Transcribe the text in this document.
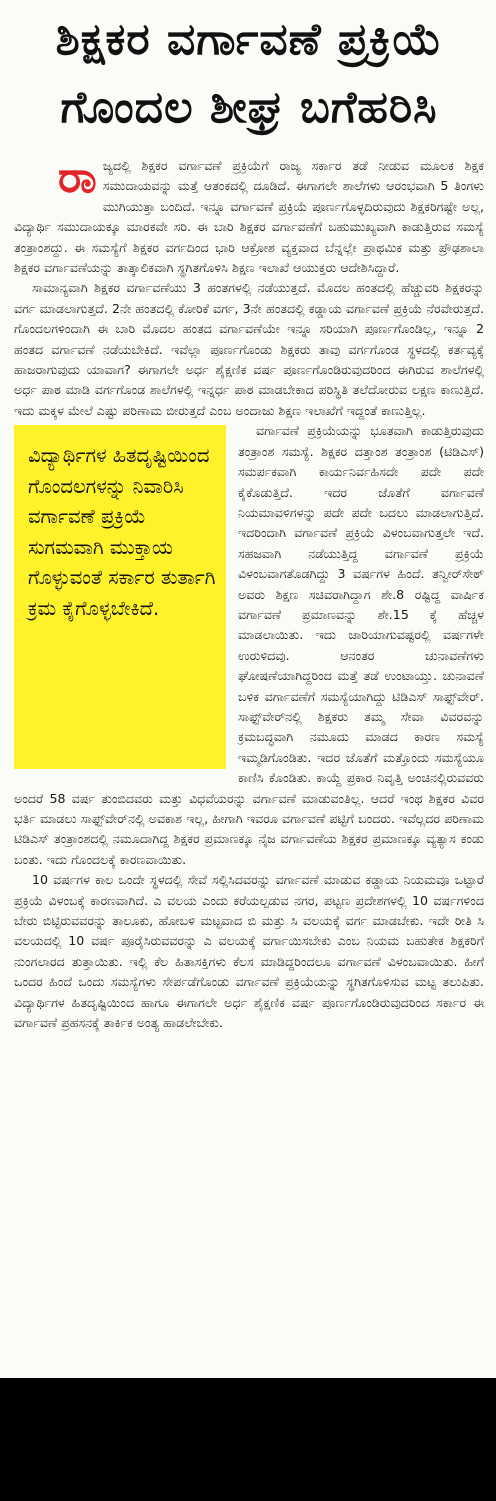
ಶಿಕ್ಷಕರ ವರ್ಗಾವಣೆ ಪ್ರಕ್ರಿಯೆ
ಗೊಂದಲ ಶೀಘ್ರ ಬಗೆಹರಿಸಿ

ರಾಜ್ಯದಲ್ಲಿ ಶಿಕ್ಷಕರ ವರ್ಗಾವಣೆ ಪ್ರಕ್ರಿಯೆಗೆ ರಾಜ್ಯ ಸರ್ಕಾರ ತಡೆ ನೀಡುವ ಮೂಲಕ ಶಿಕ್ಷಕ ಸಮುದಾಯವನ್ನು ಮತ್ತೆ ಆತಂಕದಲ್ಲಿ ದೂಡಿದೆ. ಈಗಾಗಲೇ ಶಾಲೆಗಳು ಆರಂಭವಾಗಿ 5 ತಿಂಗಳು ಮುಗಿಯುತ್ತಾ ಬಂದಿದೆ. ಇನ್ನೂ ವರ್ಗಾವಣೆ ಪ್ರಕ್ರಿಯೆ ಪೂರ್ಣಗೊಳ್ಳದಿರುವುದು ಶಿಕ್ಷಕರಿಗಷ್ಟೇ ಅಲ್ಲ, ವಿದ್ಯಾರ್ಥಿ ಸಮುದಾಯಕ್ಕೂ ಮಾರಕವೇ ಸರಿ. ಈ ಬಾರಿ ಶಿಕ್ಷಕರ ವರ್ಗಾವಣೆಗೆ ಬಹುಮುಖ್ಯವಾಗಿ ಕಾಡುತ್ತಿರುವ ಸಮಸ್ಯೆ ತಂತ್ರಾಂಶದ್ದು. ಈ ಸಮಸ್ಯೆಗೆ ಶಿಕ್ಷಕರ ವರ್ಗದಿಂದ ಭಾರಿ ಆಕ್ರೋಶ ವ್ಯಕ್ತವಾದ ಬೆನ್ನಲ್ಲೇ ಪ್ರಾಥಮಿಕ ಮತ್ತು ಪ್ರೌಢಶಾಲಾ ಶಿಕ್ಷಕರ ವರ್ಗಾವಣೆಯನ್ನು ತಾತ್ಕಾಲಿಕವಾಗಿ ಸ್ಥಗಿತಗೊಳಿಸಿ ಶಿಕ್ಷಣ ಇಲಾಖೆ ಆಯುಕ್ತರು ಆದೇಶಿಸಿದ್ದಾರೆ.

ಸಾಮಾನ್ಯವಾಗಿ ಶಿಕ್ಷಕರ ವರ್ಗಾವಣೆಯು 3 ಹಂತಗಳಲ್ಲಿ ನಡೆಯುತ್ತದೆ. ಮೊದಲ ಹಂತದಲ್ಲಿ ಹೆಚ್ಚುವರಿ ಶಿಕ್ಷಕರನ್ನು ವರ್ಗ ಮಾಡಲಾಗುತ್ತದೆ. 2ನೇ ಹಂತದಲ್ಲಿ ಕೋರಿಕೆ ವರ್ಗ, 3ನೇ ಹಂತದಲ್ಲಿ ಕಡ್ಡಾಯ ವರ್ಗಾವಣೆ ಪ್ರಕ್ರಿಯೆ ನೆರವೇರುತ್ತದೆ. ಗೊಂದಲಗಳಿಂದಾಗಿ ಈ ಬಾರಿ ಮೊದಲ ಹಂತದ ವರ್ಗಾವಣೆಯೇ ಇನ್ನೂ ಸರಿಯಾಗಿ ಪೂರ್ಣಗೊಂಡಿಲ್ಲ, ಇನ್ನೂ 2 ಹಂತದ ವರ್ಗಾವಣೆ ನಡೆಯಬೇಕಿದೆ. ಇವೆಲ್ಲಾ ಪೂರ್ಣಗೊಂಡು ಶಿಕ್ಷಕರು ತಾವು ವರ್ಗಗೊಂಡ ಸ್ಥಳದಲ್ಲಿ ಕರ್ತವ್ಯಕ್ಕೆ ಹಾಜರಾಗುವುದು ಯಾವಾಗ? ಈಗಾಗಲೇ ಅರ್ಧ ಶೈಕ್ಷಣಿಕ ವರ್ಷ ಪೂರ್ಣಗೊಂಡಿರುವುದರಿಂದ ಈಗಿರುವ ಶಾಲೆಗಳಲ್ಲಿ ಅರ್ಧ ಪಾಠ ಮಾಡಿ ವರ್ಗಗೊಂಡ ಶಾಲೆಗಳಲ್ಲಿ ಇನ್ನರ್ಧ ಪಾಠ ಮಾಡಬೇಕಾದ ಪರಿಸ್ಥಿತಿ ತಲೆದೋರುವ ಲಕ್ಷಣ ಕಾಣುತ್ತಿದೆ. ಇದು ಮಕ್ಕಳ ಮೇಲೆ ಎಷ್ಟು ಪರಿಣಾಮ ಬೀರುತ್ತದೆ ಎಂಬ ಅಂದಾಜು ಶಿಕ್ಷಣ ಇಲಾಖೆಗೆ ಇದ್ದಂತೆ ಕಾಣುತ್ತಿಲ್ಲ.

ವಿದ್ಯಾರ್ಥಿಗಳ ಹಿತದೃಷ್ಟಿಯಿಂದ ಗೊಂದಲಗಳನ್ನು ನಿವಾರಿಸಿ ವರ್ಗಾವಣೆ ಪ್ರಕ್ರಿಯೆ ಸುಗಮವಾಗಿ ಮುಕ್ತಾಯ ಗೊಳ್ಳುವಂತೆ ಸರ್ಕಾರ ತುರ್ತಾಗಿ ಕ್ರಮ ಕೈಗೊಳ್ಳಬೇಕಿದೆ.

ವರ್ಗಾವಣೆ ಪ್ರಕ್ರಿಯೆಯನ್ನು ಭೂತವಾಗಿ ಕಾಡುತ್ತಿರುವುದು ತಂತ್ರಾಂಶ ಸಮಸ್ಯೆ. ಶಿಕ್ಷಕರ ದತ್ತಾಂಶ ತಂತ್ರಾಂಶ (ಟಿಡಿಎಸ್) ಸಮರ್ಪಕವಾಗಿ ಕಾರ್ಯನಿರ್ವಹಿಸದೇ ಪದೇ ಪದೇ ಕೈಕೊಡುತ್ತಿದೆ. ಇದರ ಜೊತೆಗೆ ವರ್ಗಾವಣೆ ನಿಯಮಾವಳಿಗಳನ್ನು ಪದೇ ಪದೇ ಬದಲು ಮಾಡಲಾಗುತ್ತಿದೆ. ಇದರಿಂದಾಗಿ ವರ್ಗಾವಣೆ ಪ್ರಕ್ರಿಯೆ ವಿಳಂಬವಾಗುತ್ತಲೇ ಇದೆ. ಸಹಜವಾಗಿ ನಡೆಯುತ್ತಿದ್ದ ವರ್ಗಾವಣೆ ಪ್ರಕ್ರಿಯೆ ವಿಳಂಬವಾಗತೊಡಗಿದ್ದು 3 ವರ್ಷಗಳ ಹಿಂದೆ. ತನ್ವೀರ್‌ಸೇಠ್ ಅವರು ಶಿಕ್ಷಣ ಸಚಿವರಾಗಿದ್ದಾಗ ಶೇ.8 ರಷ್ಟಿದ್ದ ವಾರ್ಷಿಕ ವರ್ಗಾವಣೆ ಪ್ರಮಾಣವನ್ನು ಶೇ.15 ಕ್ಕೆ ಹೆಚ್ಚಳ ಮಾಡಲಾಯಿತು. ಇದು ಜಾರಿಯಾಗುವಷ್ಟರಲ್ಲಿ ವರ್ಷಗಳೇ ಉರುಳಿದವು. ಆನಂತರ ಚುನಾವಣೆಗಳು ಘೋಷಣೆಯಾಗಿದ್ದರಿಂದ ಮತ್ತೆ ತಡೆ ಉಂಟಾಯ್ತು. ಚುನಾವಣೆ ಬಳಿಕ ವರ್ಗಾವಣೆಗೆ ಸಮಸ್ಯೆಯಾಗಿದ್ದು ಟಿಡಿಎಸ್ ಸಾಫ್ಟ್‌ವೇರ್. ಸಾಫ್ಟ್‌ವೇರ್‌ನಲ್ಲಿ ಶಿಕ್ಷಕರು ತಮ್ಮ ಸೇವಾ ವಿವರವನ್ನು ಕ್ರಮಬದ್ಧವಾಗಿ ನಮೂದು ಮಾಡದ ಕಾರಣ ಸಮಸ್ಯೆ ಇಮ್ಮಡಿಗೊಂಡಿತು. ಇದರ ಜೊತೆಗೆ ಮತ್ತೊಂದು ಸಮಸ್ಯೆಯೂ ಕಾಣಿಸಿ ಕೊಂಡಿತು. ಕಾಯ್ದೆ ಪ್ರಕಾರ ನಿವೃತ್ತಿ ಅಂಚಿನಲ್ಲಿರುವವರು ಅಂದರೆ 58 ವರ್ಷ ತುಂಬಿದವರು ಮತ್ತು ವಿಧವೆಯರನ್ನು ವರ್ಗಾವಣೆ ಮಾಡುವಂತಿಲ್ಲ. ಆದರೆ ಇಂಥ ಶಿಕ್ಷಕರ ವಿವರ ಭರ್ತಿ ಮಾಡಲು ಸಾಫ್ಟ್‌ವೇರ್‌ನಲ್ಲಿ ಅವಕಾಶ ಇಲ್ಲ, ಹೀಗಾಗಿ ಇವರೂ ವರ್ಗಾವಣೆ ಪಟ್ಟಿಗೆ ಬಂದರು. ಇವೆಲ್ಲದರ ಪರಿಣಾಮ ಟಿಡಿಎಸ್ ತಂತ್ರಾಂಶದಲ್ಲಿ ನಮೂದಾಗಿದ್ದ ಶಿಕ್ಷಕರ ಪ್ರಮಾಣಕ್ಕೂ ನೈಜ ವರ್ಗಾವಣೆಯ ಶಿಕ್ಷಕರ ಪ್ರಮಾಣಕ್ಕೂ ವ್ಯತ್ಯಾಸ ಕಂಡು ಬಂತು. ಇದು ಗೊಂದಲಕ್ಕೆ ಕಾರಣವಾಯಿತು.

10 ವರ್ಷಗಳ ಕಾಲ ಒಂದೇ ಸ್ಥಳದಲ್ಲಿ ಸೇವೆ ಸಲ್ಲಿಸಿದವರನ್ನು ವರ್ಗಾವಣೆ ಮಾಡುವ ಕಡ್ಡಾಯ ನಿಯಮವೂ ಒಟ್ಟಾರೆ ಪ್ರಕ್ರಿಯೆ ವಿಳಂಬಕ್ಕೆ ಕಾರಣವಾಗಿದೆ. ಎ ವಲಯ ಎಂದು ಕರೆಯಲ್ಪಡುವ ನಗರ, ಪಟ್ಟಣ ಪ್ರದೇಶಗಳಲ್ಲಿ 10 ವರ್ಷಗಳಿಂದ ಬೇರು ಬಿಟ್ಟಿರುವವರನ್ನು ತಾಲೂಕು, ಹೋಬಳಿ ಮಟ್ಟವಾದ ಬಿ ಮತ್ತು ಸಿ ವಲಯಕ್ಕೆ ವರ್ಗ ಮಾಡಬೇಕು. ಇದೇ ರೀತಿ ಸಿ ವಲಯದಲ್ಲಿ 10 ವರ್ಷ ಪೂರೈಸಿರುವವರನ್ನು ಎ ವಲಯಕ್ಕೆ ವರ್ಗಾಯಿಸಬೇಕು ಎಂಬ ನಿಯಮ ಬಹುತೇಕ ಶಿಕ್ಷಕರಿಗೆ ನುಂಗಲಾರದ ತುತ್ತಾಯಿತು. ಇಲ್ಲಿ ಕೆಲ ಹಿತಾಸಕ್ತಿಗಳು ಕೆಲಸ ಮಾಡಿದ್ದರಿಂದಲೂ ವರ್ಗಾವಣೆ ವಿಳಂಬವಾಯಿತು. ಹೀಗೆ ಒಂದರ ಹಿಂದೆ ಒಂದು ಸಮಸ್ಯೆಗಳು ಸೇರ್ಪಡೆಗೊಂಡು ವರ್ಗಾವಣೆ ಪ್ರಕ್ರಿಯೆಯನ್ನು ಸ್ಥಗಿತಗೊಳಿಸುವ ಮಟ್ಟ ತಲುಪಿತು. ವಿದ್ಯಾರ್ಥಿಗಳ ಹಿತದೃಷ್ಟಿಯಿಂದ ಹಾಗೂ ಈಗಾಗಲೇ ಅರ್ಧ ಶೈಕ್ಷಣಿಕ ವರ್ಷ ಪೂರ್ಣಗೊಂಡಿರುವುದರಿಂದ ಸರ್ಕಾರ ಈ ವರ್ಗಾವಣೆ ಪ್ರಹಸನಕ್ಕೆ ತಾರ್ಕಿಕ ಅಂತ್ಯ ಹಾಡಲೇಬೇಕು.
